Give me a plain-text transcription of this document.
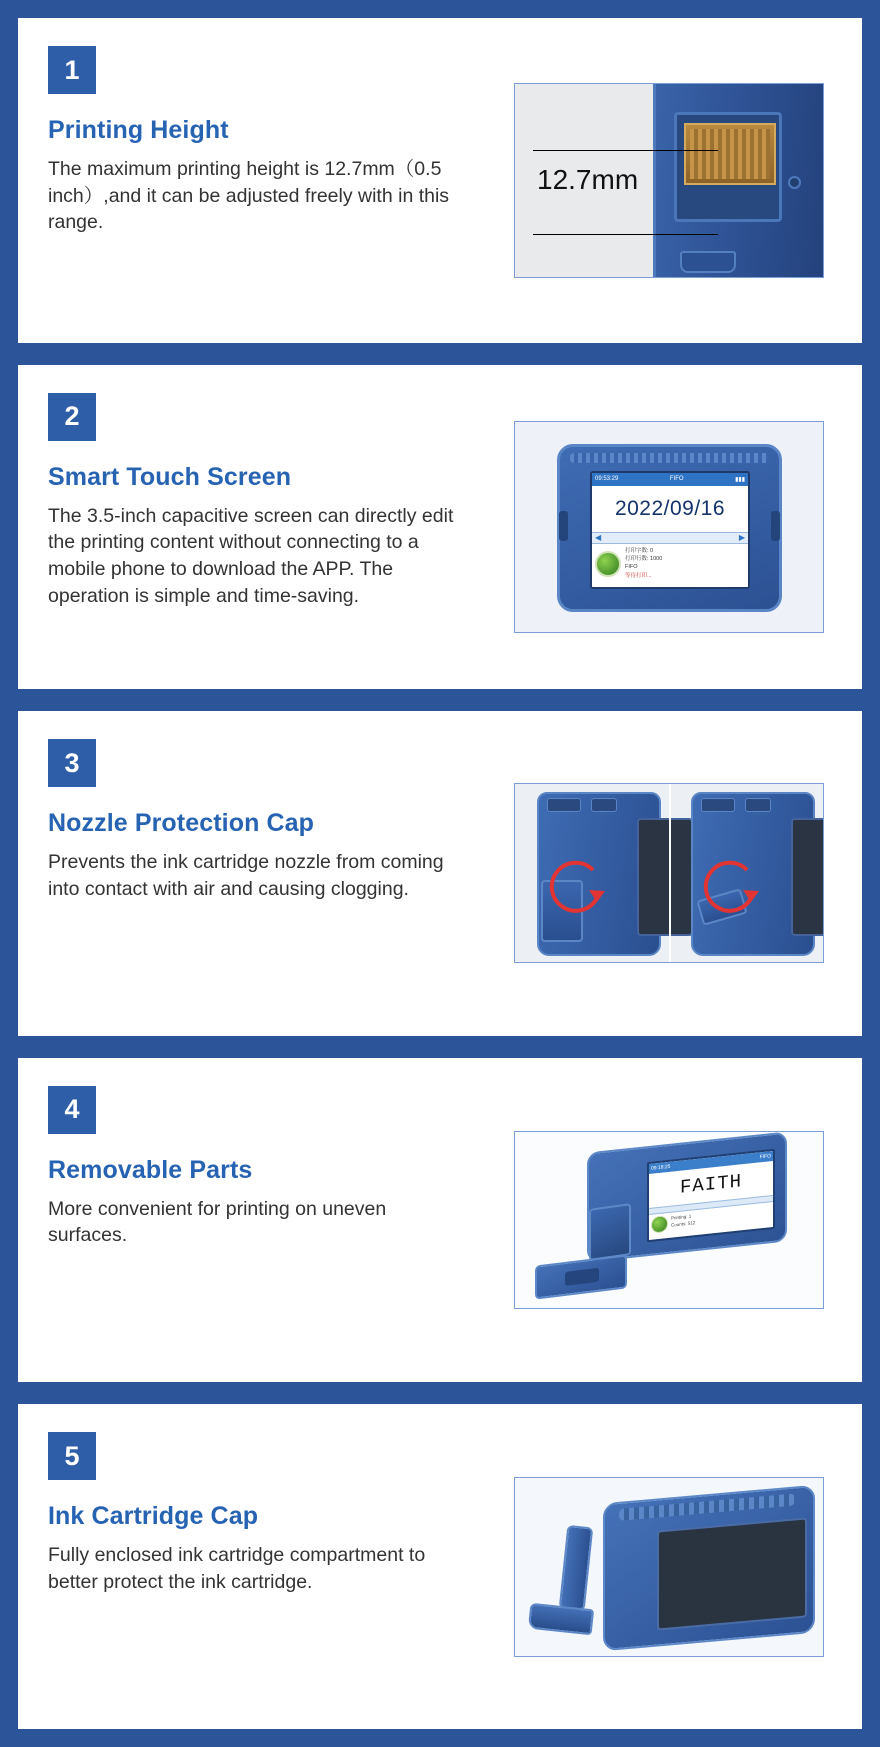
1
Printing Height
The maximum printing height is 12.7mm（0.5 inch）,and it can be adjusted freely with in this range.
12.7mm
2
Smart Touch Screen
The 3.5-inch capacitive screen can directly edit the printing content without connecting to a mobile phone to download the APP. The operation is simple and time-saving.
09:53:29	FIFO	▮▮▮
2022/09/16
◀	▶
打印字数: 0
打印行数: 1000
FIFO
等待打印...
3
Nozzle Protection Cap
Prevents the ink cartridge nozzle from coming into contact with air and causing clogging.
4
Removable Parts
More convenient for printing on uneven surfaces.
09:18:25
FIFO
FAITH
Printing: 1
Counts: 512
5
Ink Cartridge Cap
Fully enclosed ink cartridge compartment to better protect the ink cartridge.
